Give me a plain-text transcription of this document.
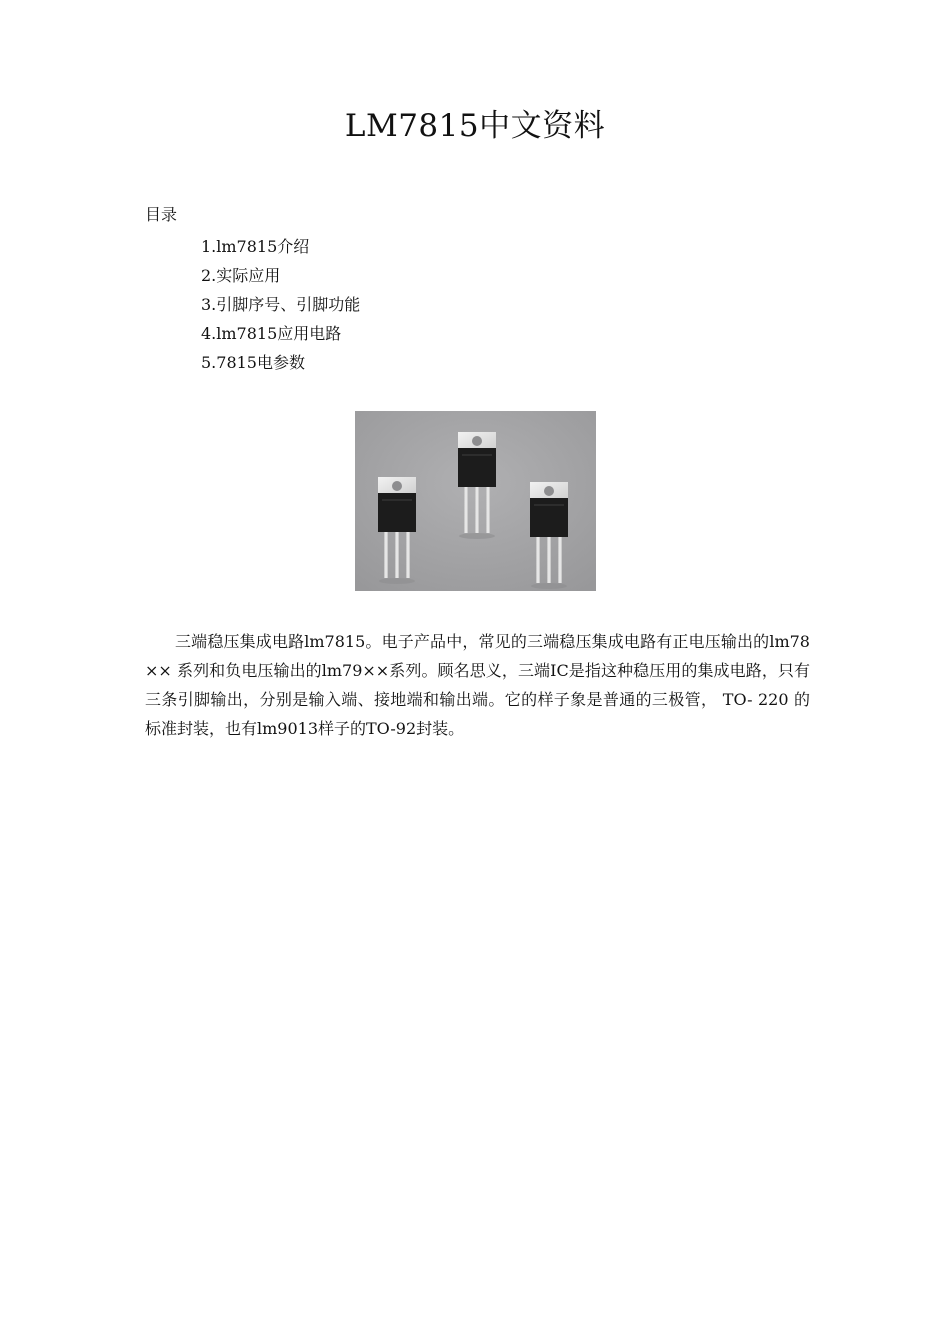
LM7815中文资料
目录
1.lm7815介绍
2.实际应用
3.引脚序号、引脚功能
4.lm7815应用电路
5.7815电参数

三端稳压集成电路lm7815。电子产品中，常见的三端稳压集成电路有正电压输出的lm78 ×× 系列和负电压输出的lm79××系列。顾名思义，三端IC是指这种稳压用的集成电路，只有三条引脚输出，分别是输入端、接地端和输出端。它的样子象是普通的三极管， TO- 220 的标准封装，也有lm9013样子的TO-92封装。
